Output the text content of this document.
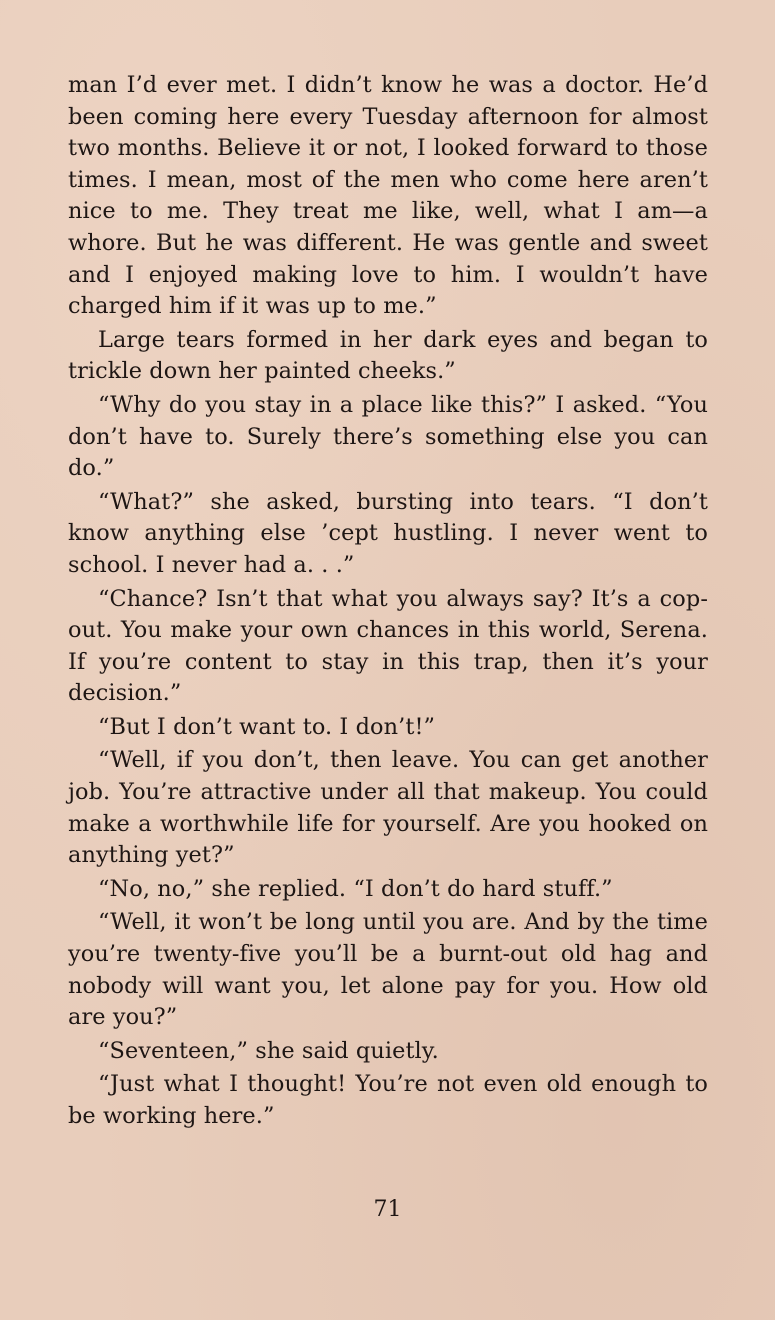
man I’d ever met. I didn’t know he was a doctor. He’d been coming here every Tuesday afternoon for almost two months. Believe it or not, I looked forward to those times. I mean, most of the men who come here aren’t nice to me. They treat me like, well, what I am—a whore. But he was different. He was gentle and sweet and I enjoyed making love to him. I wouldn’t have charged him if it was up to me.”

Large tears formed in her dark eyes and began to trickle down her painted cheeks.”

“Why do you stay in a place like this?” I asked. “You don’t have to. Surely there’s something else you can do.”

“What?” she asked, bursting into tears. “I don’t know anything else ’cept hustling. I never went to school. I never had a. . .”

“Chance? Isn’t that what you always say? It’s a cop-out. You make your own chances in this world, Serena. If you’re content to stay in this trap, then it’s your decision.”

“But I don’t want to. I don’t!”

“Well, if you don’t, then leave. You can get another job. You’re attractive under all that makeup. You could make a worthwhile life for yourself. Are you hooked on anything yet?”

“No, no,” she replied. “I don’t do hard stuff.”

“Well, it won’t be long until you are. And by the time you’re twenty-five you’ll be a burnt-out old hag and nobody will want you, let alone pay for you. How old are you?”

“Seventeen,” she said quietly.

“Just what I thought! You’re not even old enough to be working here.”

71
